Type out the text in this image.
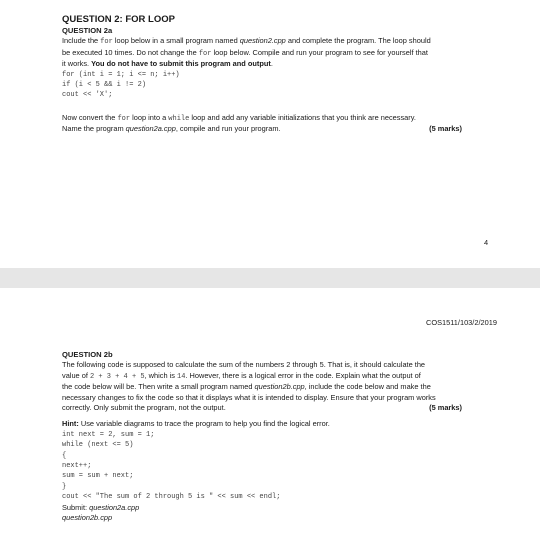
QUESTION 2: FOR LOOP
QUESTION 2a
Include the for loop below in a small program named question2.cpp and complete the program. The loop should
be executed 10 times. Do not change the for loop below. Compile and run your program to see for yourself that
it works. You do not have to submit this program and output.
for (int i = 1; i <= n; i++)
if (i < 5 && i != 2)
cout << 'X';
Now convert the for loop into a while loop and add any variable initializations that you think are necessary.
Name the program question2a.cpp, compile and run your program.	(5 marks)
4
COS1511/103/2/2019
QUESTION 2b
The following code is supposed to calculate the sum of the numbers 2 through 5. That is, it should calculate the
value of 2 + 3 + 4 + 5, which is 14. However, there is a logical error in the code. Explain what the output of
the code below will be. Then write a small program named question2b.cpp, include the code below and make the
necessary changes to fix the code so that it displays what it is intended to display. Ensure that your program works
correctly. Only submit the program, not the output.	(5 marks)
Hint: Use variable diagrams to trace the program to help you find the logical error.
int next = 2, sum = 1;
while (next <= 5)
{
next++;
sum = sum + next;
}
cout << "The sum of 2 through 5 is " << sum << endl;
Submit: question2a.cpp
question2b.cpp
